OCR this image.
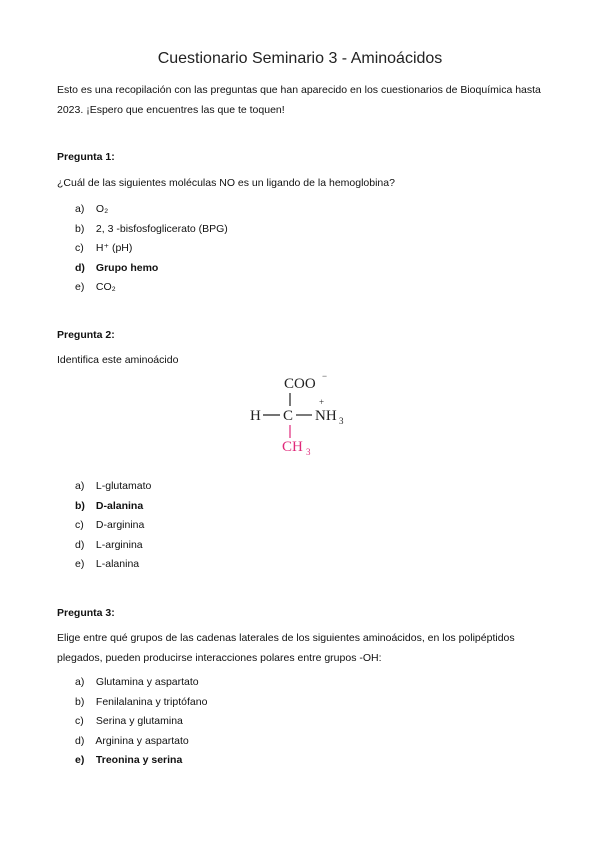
Cuestionario Seminario 3 - Aminoácidos

Esto es una recopilación con las preguntas que han aparecido en los cuestionarios de Bioquímica hasta 2023. ¡Espero que encuentres las que te toquen!

Pregunta 1:

¿Cuál de las siguientes moléculas NO es un ligando de la hemoglobina?

a) O₂
b) 2, 3 -bisfosfoglicerato (BPG)
c) H⁺ (pH)
d) Grupo hemo
e) CO₂

Pregunta 2:

Identifica este aminoácido

COO −
H C NH 3
+
CH 3
a) L-glutamato
b) D-alanina
c) D-arginina
d) L-arginina
e) L-alanina

Pregunta 3:

Elige entre qué grupos de las cadenas laterales de los siguientes aminoácidos, en los polipéptidos plegados, pueden producirse interacciones polares entre grupos -OH:

a) Glutamina y aspartato
b) Fenilalanina y triptófano
c) Serina y glutamina
d) Arginina y aspartato
e) Treonina y serina
